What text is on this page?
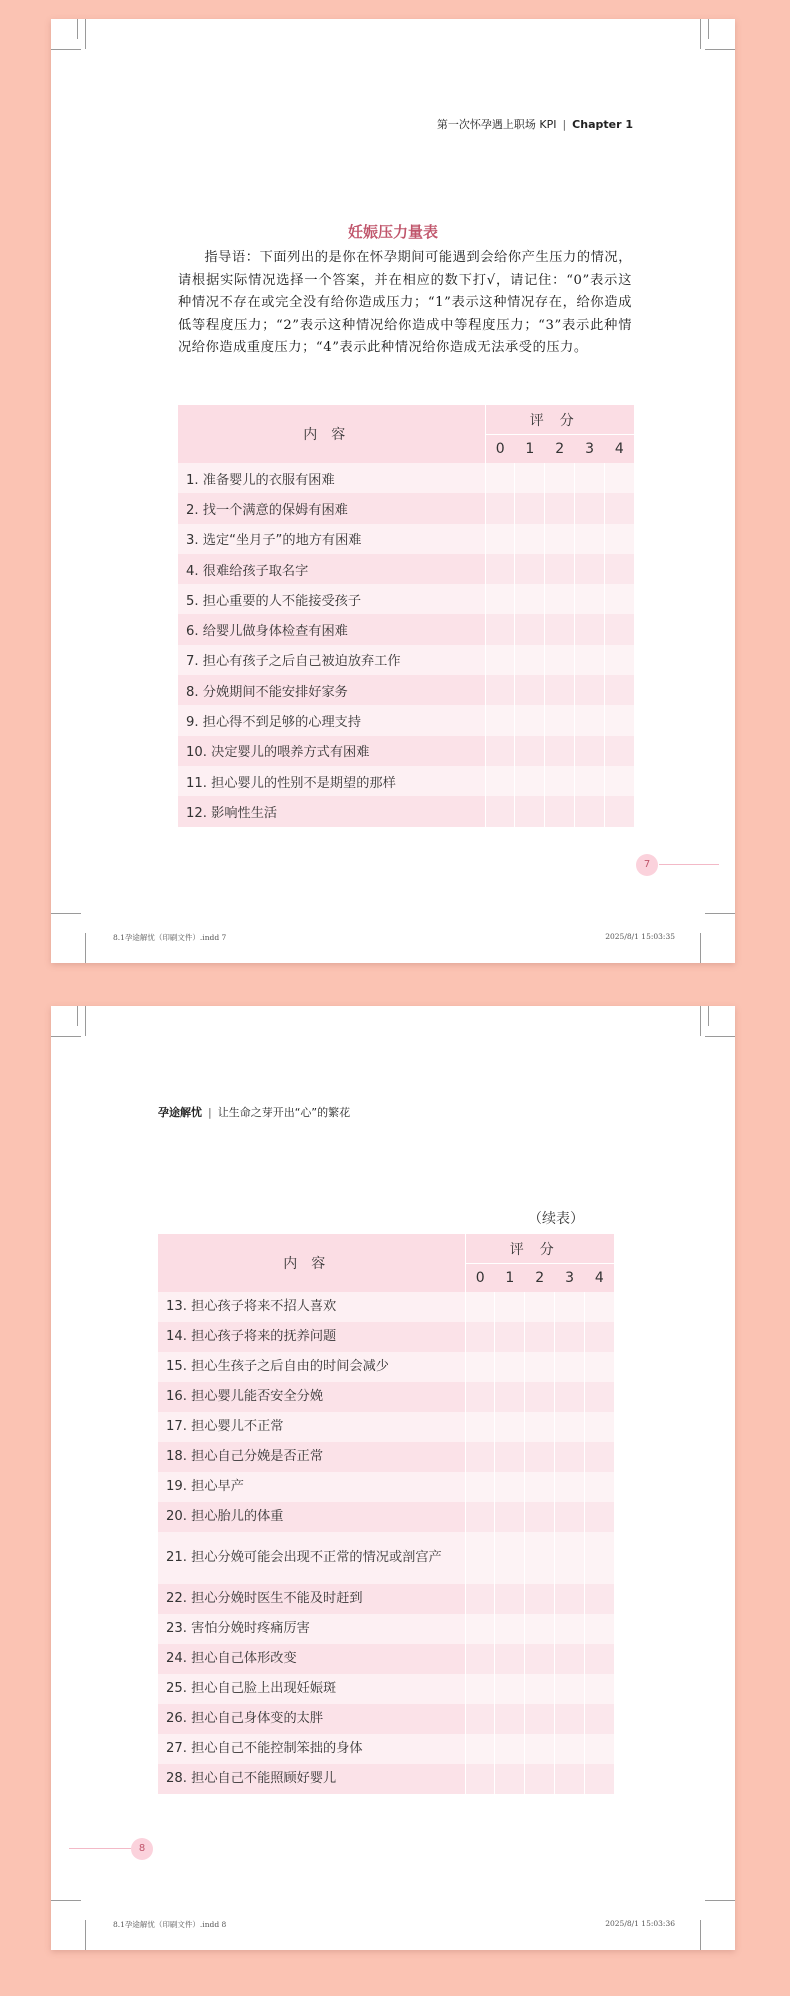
第一次怀孕遇上职场 KPI | Chapter 1
妊娠压力量表
指导语：下面列出的是你在怀孕期间可能遇到会给你产生压力的情况，请根据实际情况选择一个答案，并在相应的数下打√，请记住：“0”表示这种情况不存在或完全没有给你造成压力；“1”表示这种情况存在，给你造成低等程度压力；“2”表示这种情况给你造成中等程度压力；“3”表示此种情况给你造成重度压力；“4”表示此种情况给你造成无法承受的压力。
内容	评分				
	0	1	2	3	4
1. 准备婴儿的衣服有困难					
2. 找一个满意的保姆有困难					
3. 选定“坐月子”的地方有困难					
4. 很难给孩子取名字					
5. 担心重要的人不能接受孩子					
6. 给婴儿做身体检查有困难					
7. 担心有孩子之后自己被迫放弃工作					
8. 分娩期间不能安排好家务					
9. 担心得不到足够的心理支持					
10. 决定婴儿的喂养方式有困难					
11. 担心婴儿的性别不是期望的那样					
12. 影响性生活					
7
8.1孕途解忧（印刷文件）.indd 7	2025/8/1 15:03:35
孕途解忧 | 让生命之芽开出“心”的繁花
（续表）
内容	评分				
	0	1	2	3	4
13. 担心孩子将来不招人喜欢					
14. 担心孩子将来的抚养问题					
15. 担心生孩子之后自由的时间会减少					
16. 担心婴儿能否安全分娩					
17. 担心婴儿不正常					
18. 担心自己分娩是否正常					
19. 担心早产					
20. 担心胎儿的体重					
21. 担心分娩可能会出现不正常的情况或剖宫产					
22. 担心分娩时医生不能及时赶到					
23. 害怕分娩时疼痛厉害					
24. 担心自己体形改变					
25. 担心自己脸上出现妊娠斑					
26. 担心自己身体变的太胖					
27. 担心自己不能控制笨拙的身体					
28. 担心自己不能照顾好婴儿					
8
8.1孕途解忧（印刷文件）.indd 8	2025/8/1 15:03:36
